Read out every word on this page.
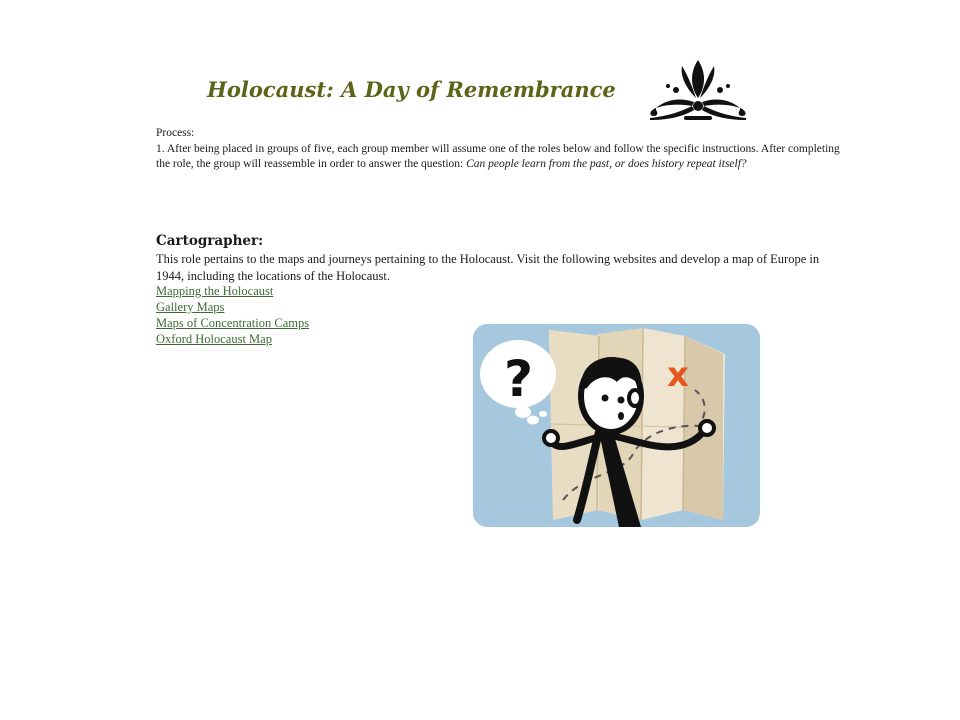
Holocaust: A Day of Remembrance

Process:

1. After being placed in groups of five, each group member will assume one of the roles below and follow the specific instructions. After completing the role, the group will reassemble in order to answer the question: Can people learn from the past, or does history repeat itself?

Cartographer:

This role pertains to the maps and journeys pertaining to the Holocaust. Visit the following websites and develop a map of Europe in 1944, including the locations of the Holocaust.

Mapping the Holocaust
Gallery Maps
Maps of Concentration Camps
Oxford Holocaust Map
x
?
